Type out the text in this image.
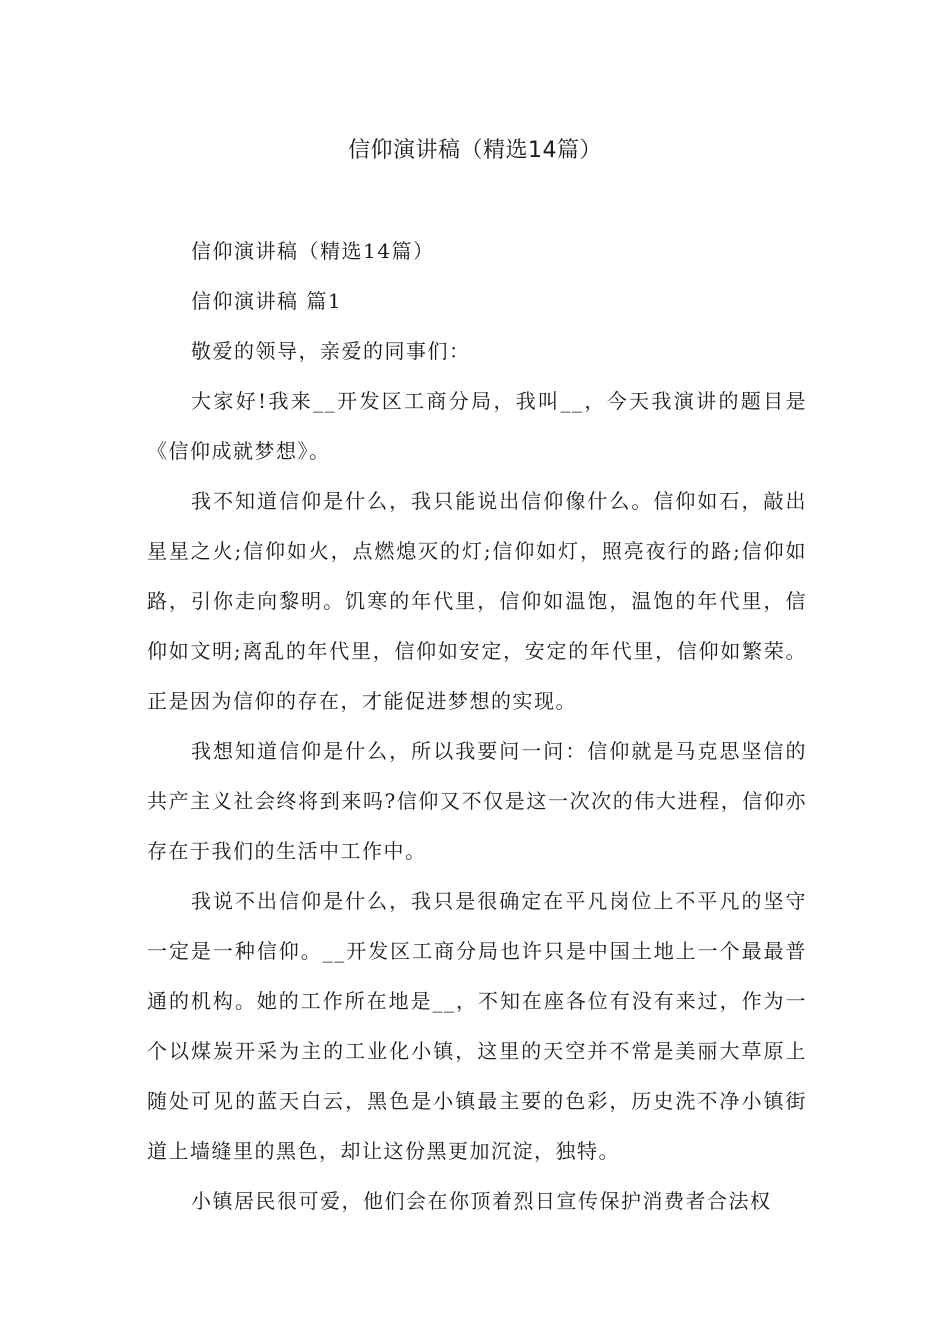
信仰演讲稿（精选14篇）

信仰演讲稿（精选14篇）

信仰演讲稿 篇1

敬爱的领导，亲爱的同事们：

大家好!我来__开发区工商分局，我叫__，今天我演讲的题目是《信仰成就梦想》。

我不知道信仰是什么，我只能说出信仰像什么。信仰如石，敲出星星之火;信仰如火，点燃熄灭的灯;信仰如灯，照亮夜行的路;信仰如路，引你走向黎明。饥寒的年代里，信仰如温饱，温饱的年代里，信仰如文明;离乱的年代里，信仰如安定，安定的年代里，信仰如繁荣。正是因为信仰的存在，才能促进梦想的实现。

我想知道信仰是什么，所以我要问一问：信仰就是马克思坚信的共产主义社会终将到来吗?信仰又不仅是这一次次的伟大进程，信仰亦存在于我们的生活中工作中。

我说不出信仰是什么，我只是很确定在平凡岗位上不平凡的坚守一定是一种信仰。__开发区工商分局也许只是中国土地上一个最最普通的机构。她的工作所在地是__，不知在座各位有没有来过，作为一个以煤炭开采为主的工业化小镇，这里的天空并不常是美丽大草原上随处可见的蓝天白云，黑色是小镇最主要的色彩，历史洗不净小镇街道上墙缝里的黑色，却让这份黑更加沉淀，独特。

小镇居民很可爱，他们会在你顶着烈日宣传保护消费者合法权
